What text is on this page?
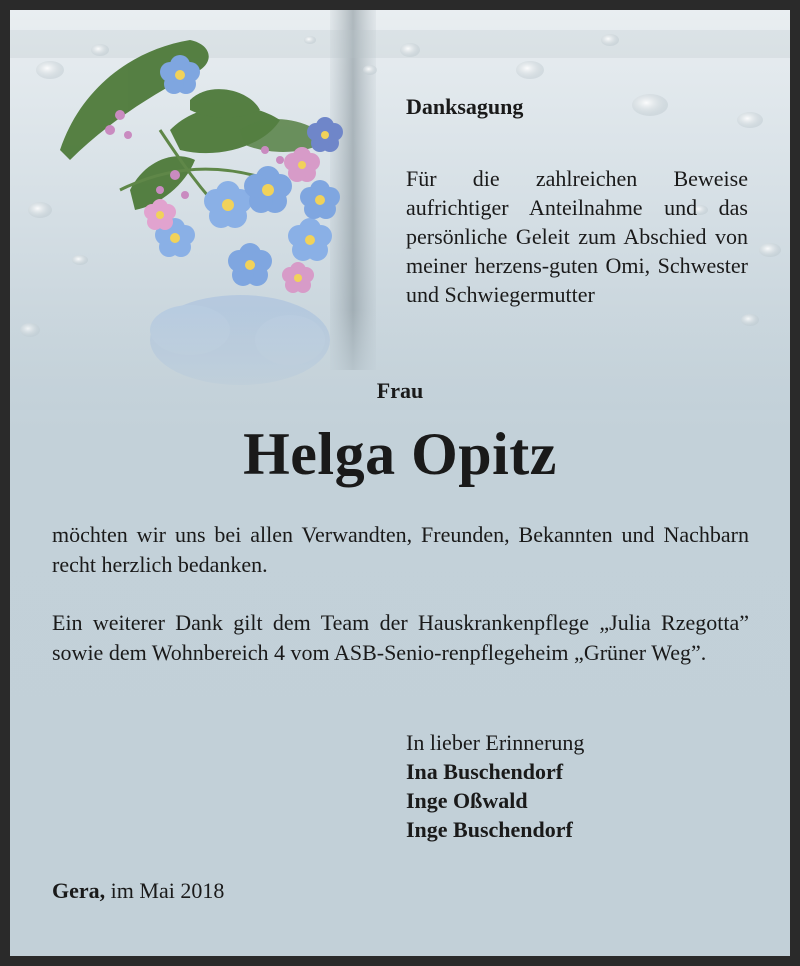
Danksagung
Für die zahlreichen Beweise aufrichtiger Anteilnahme und das persönliche Geleit zum Abschied von meiner herzens-guten Omi, Schwester und Schwiegermutter
Frau
Helga Opitz
möchten wir uns bei allen Verwandten, Freunden, Bekannten und Nachbarn recht herzlich bedanken.
Ein weiterer Dank gilt dem Team der Hauskrankenpflege „Julia Rzegotta” sowie dem Wohnbereich 4 vom ASB-Senio-renpflegeheim „Grüner Weg”.
In lieber Erinnerung
Ina Buschendorf
Inge Oßwald
Inge Buschendorf
Gera, im Mai 2018
